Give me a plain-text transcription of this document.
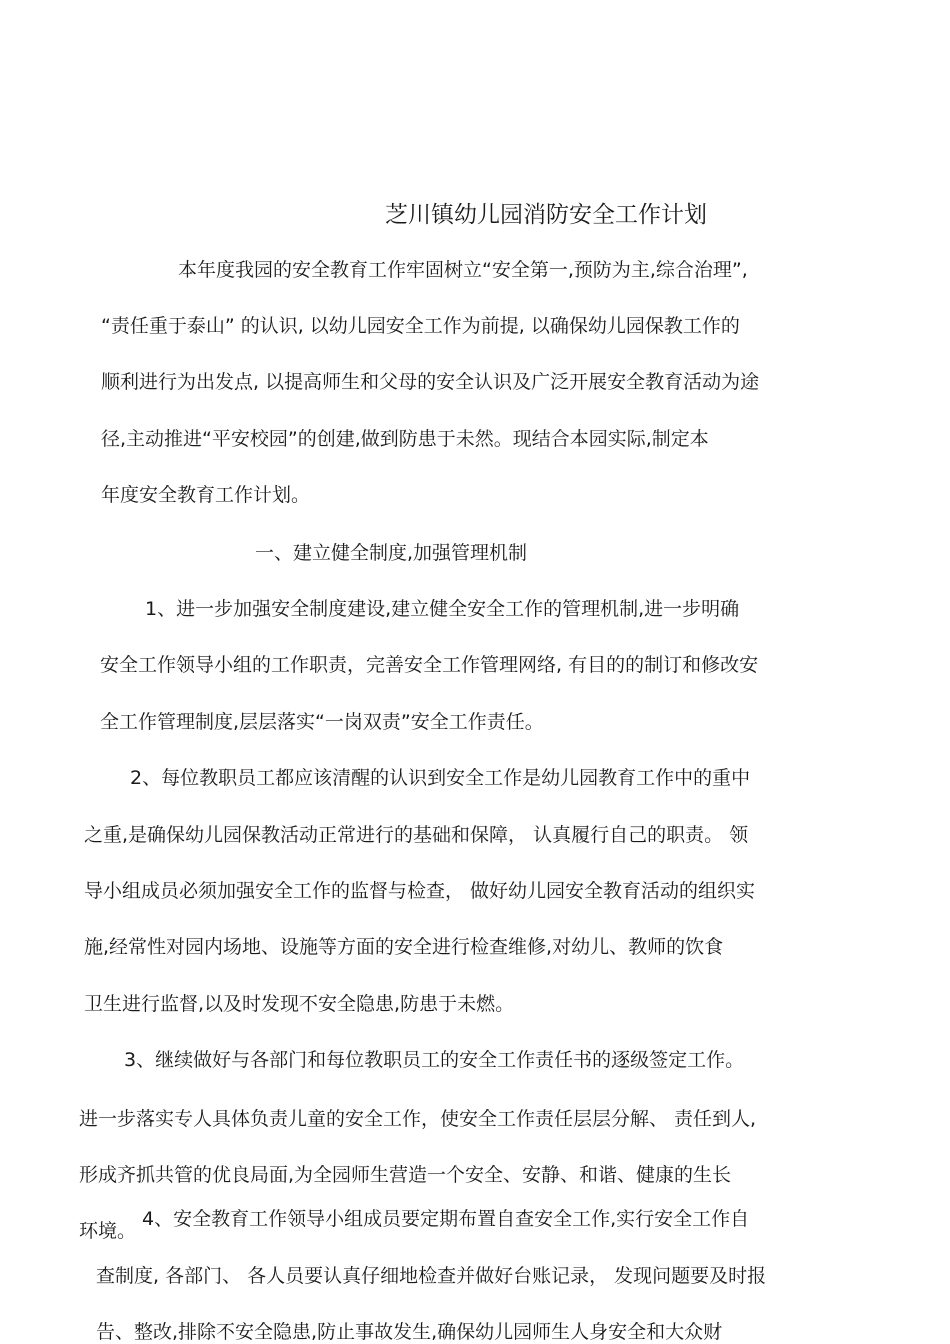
芝川镇幼儿园消防安全工作计划

本年度我园的安全教育工作牢固树立“安全第一,预防为主,综合治理”,

“责任重于泰山” 的认识, 以幼儿园安全工作为前提, 以确保幼儿园保教工作的

顺利进行为出发点, 以提高师生和父母的安全认识及广泛开展安全教育活动为途

径,主动推进“平安校园”的创建,做到防患于未然。现结合本园实际,制定本

年度安全教育工作计划。

一、建立健全制度,加强管理机制

1、进一步加强安全制度建设,建立健全安全工作的管理机制,进一步明确

安全工作领导小组的工作职责，完善安全工作管理网络, 有目的的制订和修改安

全工作管理制度,层层落实“一岗双责”安全工作责任。

2、每位教职员工都应该清醒的认识到安全工作是幼儿园教育工作中的重中

之重,是确保幼儿园保教活动正常进行的基础和保障， 认真履行自己的职责。 领

导小组成员必须加强安全工作的监督与检查， 做好幼儿园安全教育活动的组织实

施,经常性对园内场地、设施等方面的安全进行检查维修,对幼儿、教师的饮食

卫生进行监督,以及时发现不安全隐患,防患于未燃。

3、继续做好与各部门和每位教职员工的安全工作责任书的逐级签定工作。

进一步落实专人具体负责儿童的安全工作，使安全工作责任层层分解、 责任到人,

形成齐抓共管的优良局面,为全园师生营造一个安全、安静、和谐、健康的生长

环境。

4、安全教育工作领导小组成员要定期布置自查安全工作,实行安全工作自

查制度, 各部门、 各人员要认真仔细地检查并做好台账记录， 发现问题要及时报

告、整改,排除不安全隐患,防止事故发生,确保幼儿园师生人身安全和大众财
